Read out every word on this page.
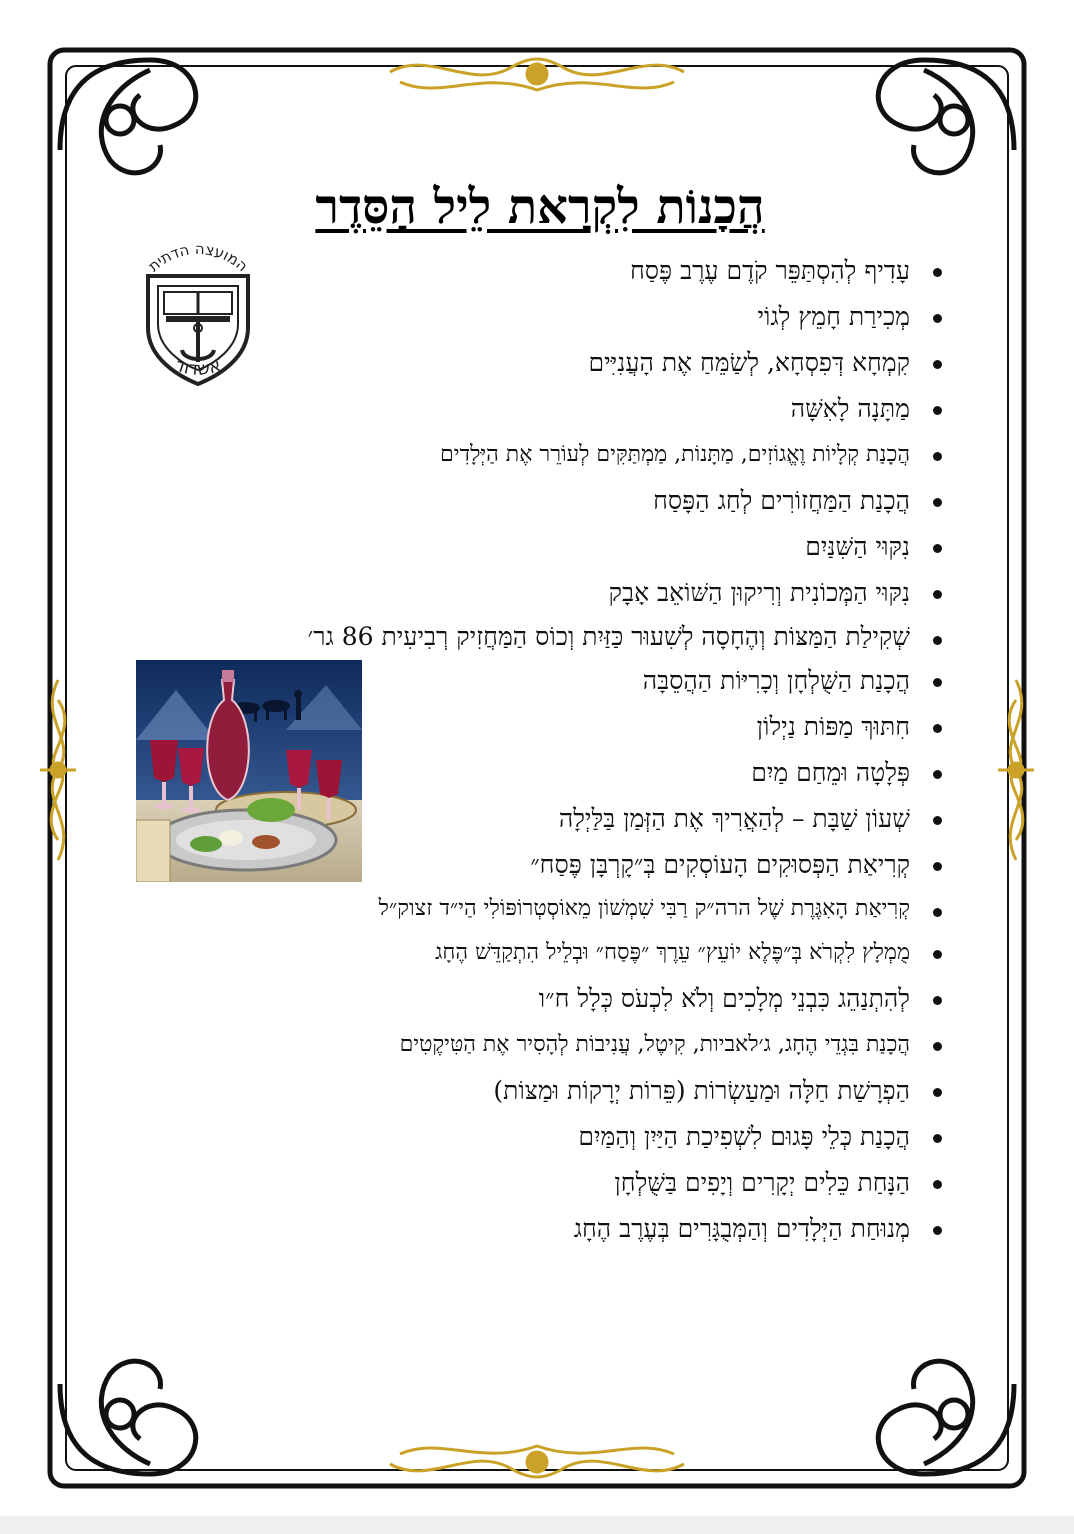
הֲכָנוֹת לִקְרַאת לֵיל הַסֵּדֶר
המועצה הדתית
אשדוד
עָדִיף לְהִסְתַּפֵּר קֹדֶם עֶרֶב פֶּסַח
מְכִירַת חָמֵץ לְגוֹי
קִמְחָא דְּפִסְחָא, לְשַׂמֵּחַ אֶת הָעֲנִיִּים
מַתָּנָה לָאִשָּׁה
הֲכָנַת קְלָיוֹת וֶאֱגוֹזִים, מַתָּנוֹת, מַמְתַּקִּים לְעוֹרֵר אֶת הַיְּלָדִים
הֲכָנַת הַמַּחֲזוֹרִים לְחַג הַפָּסַח
נִקּוּי הַשִּׁנַּיִם
נִקּוּי הַמְּכוֹנִית וְרִיקוּן הַשּׁוֹאֵב אָבָק
שְׁקִילַת הַמַּצּוֹת וְהֶחָסָה לְשִׁעוּר כַּזַּיִת וְכוֹס הַמַּחֲזִיק רְבִיעִית 86 גר׳
הֲכָנַת הַשֻּׁלְחָן וְכָרִיּוֹת הַהֲסֵבָּה
חִתּוּךְ מַפּוֹת נַיְלוֹן
פְּלָטָה וּמֵחַם מַיִם
שְׁעוֹן שַׁבָּת – לְהַאֲרִיךְ אֶת הַזְּמַן בַּלַּיְלָה
קְרִיאַת הַפְּסוּקִים הָעוֹסְקִים בְּ״קָרְבָּן פֶּסַח״
קְרִיאַת הָאִגֶּרֶת שֶׁל הרה״ק רַבִּי שִׁמְשׁוֹן מֵאוֹסְטְרוֹפּוֹלִי הַי״ד זצוק״ל
מֻמְלָץ לִקְרֹא בְּ״פֶּלֶא יוֹעֵץ״ עֵרֶךְ ״פֶּסַח״ וּבְלֵיל הִתְקַדֵּשׁ הֶחָג
לְהִתְנַהֵג כִּבְנֵי מְלָכִים וְלֹא לִכְעֹס כְּלָל ח״ו
הֲכָנַת בִּגְדֵי הֶחָג, ג׳לאביות, קִיטֶל, עֲנִיבוֹת לְהָסִיר אֶת הַטִּיקֶטִים
הַפְרָשַׁת חַלָּה וּמַעַשְׂרוֹת (פֵּרוֹת יְרָקוֹת וּמַצּוֹת)
הֲכָנַת כְּלֵי פָּגוּם לִשְׁפִיכַת הַיַּיִן וְהַמַּיִם
הַנָּחַת כֵּלִים יְקָרִים וְיָפִים בַּשֻּׁלְחָן
מְנוּחַת הַיְּלָדִים וְהַמְּבֻגָּרִים בְּעֶרֶב הֶחָג
